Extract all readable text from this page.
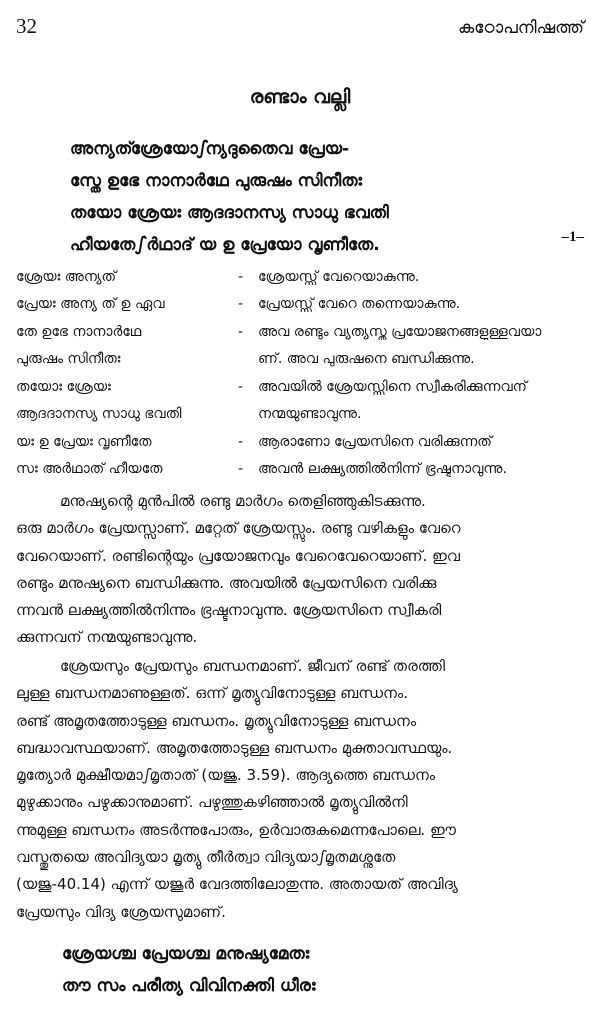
32	കഠോപനിഷത്ത്
രണ്ടാം വല്ലി
അന്യത്ശ്രേയോഽന്യദുതൈവ പ്രേയ-
സ്തേ ഉഭേ നാനാർഥേ പുരുഷം സിനീതഃ
തയോ ശ്രേയഃ ആദദാനസ്യ സാധു ഭവതി
ഹീയതേഽർഥാദ് യ ഉ പ്രേയോ വൃണീതേ.	–1–
ശ്രേയഃ അന്യത്	-	ശ്രേയസ്സ് വേറെയാകുന്നു.
പ്രേയഃ അന്യ ത് ഉ ഏവ	-	പ്രേയസ്സ് വേറെ തന്നെയാകുന്നു.
തേ ഉഭേ നാനാർഥേ	-	അവ രണ്ടും വ്യത്യസ്ത പ്രയോജനങ്ങളുള്ളവയാ
പുരുഷം സിനീതഃ	ണ്. അവ പുരുഷനെ ബന്ധിക്കുന്നു.
തയോഃ ശ്രേയഃ	-	അവയിൽ ശ്രേയസ്സിനെ സ്വീകരിക്കുന്നവന്
ആദദാനസ്യ സാധു ഭവതി	നന്മയുണ്ടാവുന്നു.
യഃ ഉ പ്രേയഃ വൃണീതേ	-	ആരാണോ പ്രേയസിനെ വരിക്കുന്നത്
സഃ അർഥാത് ഹീയതേ	-	അവൻ ലക്ഷ്യത്തിൽനിന്ന് ഭ്രഷ്ടനാവുന്നു.
മനുഷ്യന്റെ മുൻപിൽ രണ്ടു മാർഗം തെളിഞ്ഞുകിടക്കുന്നു.
ഒരു മാർഗം പ്രേയസ്സാണ്. മറ്റേത് ശ്രേയസ്സും. രണ്ടു വഴികളും വേറെ
വേറെയാണ്. രണ്ടിന്റെയും പ്രയോജനവും വേറെവേറെയാണ്. ഇവ
രണ്ടും മനുഷ്യനെ ബന്ധിക്കുന്നു. അവയിൽ പ്രേയസിനെ വരിക്കു
ന്നവൻ ലക്ഷ്യത്തിൽനിന്നും ഭ്രഷ്ടനാവുന്നു. ശ്രേയസിനെ സ്വീകരി
ക്കുന്നവന് നന്മയുണ്ടാവുന്നു.
ശ്രേയസും പ്രേയസും ബന്ധനമാണ്. ജീവന് രണ്ട് തരത്തി
ലുള്ള ബന്ധനമാണുള്ളത്. ഒന്ന് മൃത്യുവിനോടുള്ള ബന്ധനം.
രണ്ട് അമൃതത്തോടുള്ള ബന്ധനം. മൃത്യുവിനോടുള്ള ബന്ധനം
ബദ്ധാവസ്ഥയാണ്. അമൃതത്തോടുള്ള ബന്ധനം മുക്താവസ്ഥയും.
മൃത്യോർ മുക്ഷീയമാഽമൃതാത് (യജു. 3.59). ആദ്യത്തെ ബന്ധനം
മുഴുക്കാനും പഴുക്കാനുമാണ്. പഴുത്തുകഴിഞ്ഞാൽ മൃത്യുവിൽനി
ന്നുമുള്ള ബന്ധനം അടർന്നുപോരും, ഉർവാരുകമെന്നപോലെ. ഈ
വസ്തുതയെ അവിദ്യയാ മൃത്യു തീർത്വാ വിദ്യയാഽമൃതമശ്നുതേ
(യജു-40.14) എന്ന് യജുർ വേദത്തിലോതുന്നു. അതായത് അവിദ്യ
പ്രേയസും വിദ്യ ശ്രേയസുമാണ്.
ശ്രേയശ്ച പ്രേയശ്ച മനുഷ്യമേതഃ
തൗ സം പരീത്യ വിവിനക്തി ധീരഃ
